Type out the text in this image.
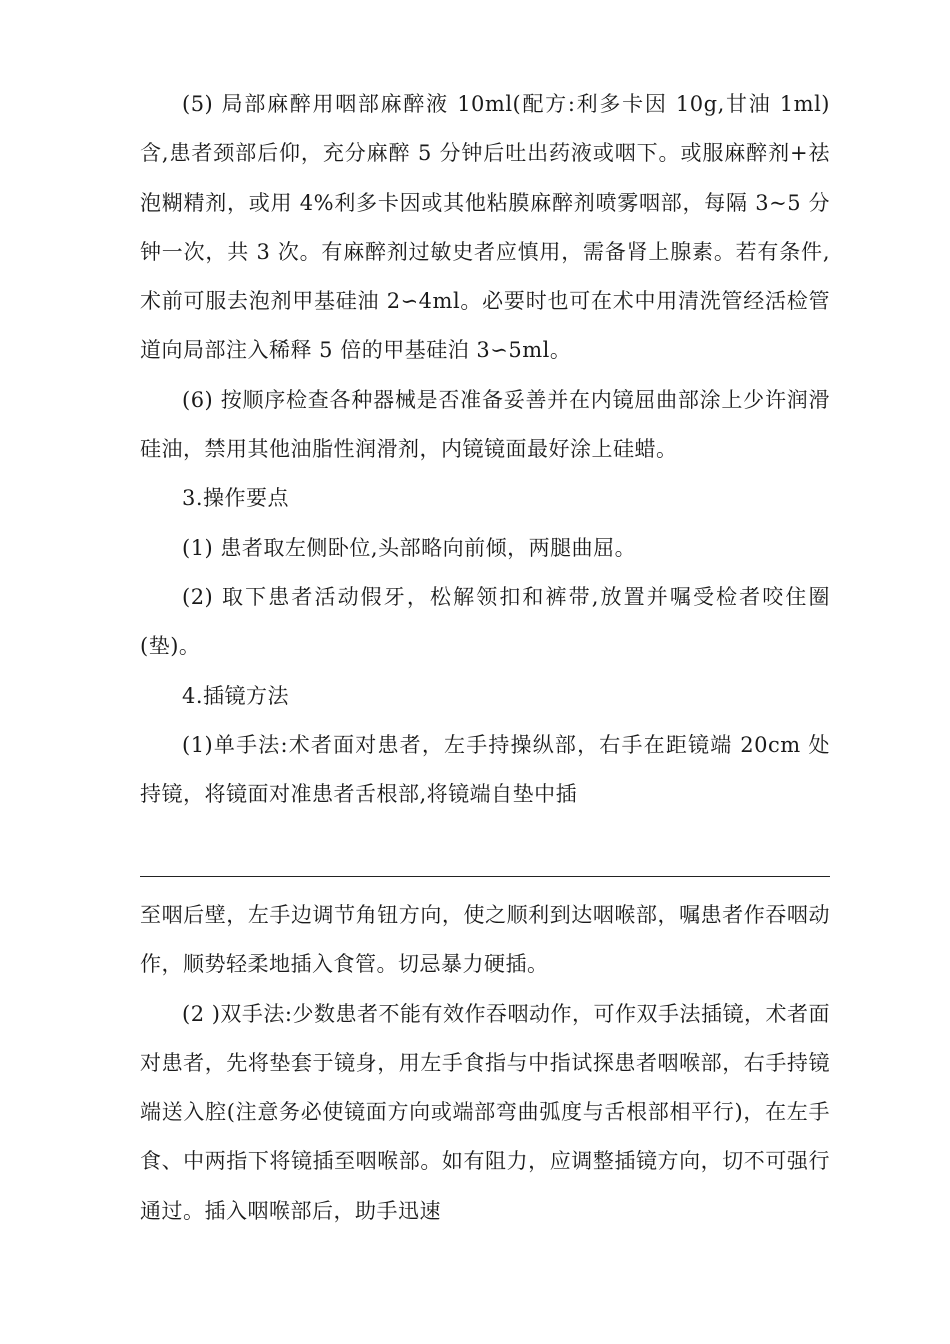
(5) 局部麻醉用咽部麻醉液 10ml(配方:利多卡因 10g,甘油 1ml) 含,患者颈部后仰，充分麻醉 5 分钟后吐出药液或咽下。或服麻醉剂+祛泡糊精剂，或用 4%利多卡因或其他粘膜麻醉剂喷雾咽部，每隔 3~5 分钟一次，共 3 次。有麻醉剂过敏史者应慎用，需备肾上腺素。若有条件,术前可服去泡剂甲基硅油 2∽4ml。必要时也可在术中用清洗管经活检管道向局部注入稀释 5 倍的甲基硅泊 3∽5ml。

(6) 按顺序检查各种器械是否准备妥善并在内镜屈曲部涂上少许润滑硅油，禁用其他油脂性润滑剂，内镜镜面最好涂上硅蜡。

3.操作要点

(1) 患者取左侧卧位,头部略向前倾，两腿曲屈。

(2) 取下患者活动假牙，松解领扣和裤带,放置并嘱受检者咬住圈(垫)。

4.插镜方法

(1)单手法:术者面对患者，左手持操纵部，右手在距镜端 20cm 处持镜，将镜面对准患者舌根部,将镜端自垫中插

至咽后壁，左手边调节角钮方向，使之顺利到达咽喉部，嘱患者作吞咽动作，顺势轻柔地插入食管。切忌暴力硬插。

(2 )双手法:少数患者不能有效作吞咽动作，可作双手法插镜，术者面对患者，先将垫套于镜身，用左手食指与中指试探患者咽喉部，右手持镜端送入腔(注意务必使镜面方向或端部弯曲弧度与舌根部相平行)，在左手食、中两指下将镜插至咽喉部。如有阻力，应调整插镜方向，切不可强行通过。插入咽喉部后，助手迅速
